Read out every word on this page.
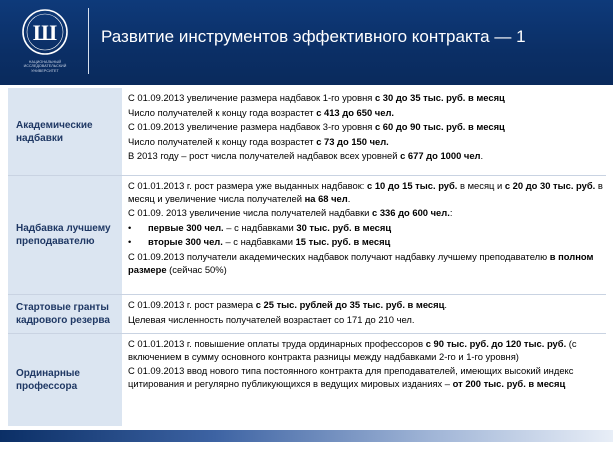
Ш
НАЦИОНАЛЬНЫЙ ИССЛЕДОВАТЕЛЬСКИЙ УНИВЕРСИТЕТ
Развитие инструментов эффективного контракта — 1
Академические надбавки

С 01.09.2013 увеличение размера надбавок 1-го уровня с 30 до 35 тыс. руб. в месяц

Число получателей к концу года возрастет с 413 до 650 чел.

С 01.09.2013 увеличение размера надбавок 3-го уровня с 60 до 90 тыс. руб. в месяц

Число получателей к концу года возрастет с 73 до 150 чел.

В 2013 году – рост числа получателей надбавок всех уровней с 677 до 1000 чел.

Надбавка лучшему преподавателю

С 01.01.2013 г. рост размера уже выданных надбавок: с 10 до 15 тыс. руб. в месяц и с 20 до 30 тыс. руб. в месяц и увеличение числа получателей на 68 чел.

С 01.09. 2013 увеличение числа получателей надбавки с 336 до 600 чел.:

•	первые 300 чел. – с надбавками 30 тыс. руб. в месяц
•	вторые 300 чел. – с надбавками 15 тыс. руб. в месяц

С 01.09.2013 получатели академических надбавок получают надбавку лучшему преподавателю в полном размере (сейчас 50%)

Стартовые гранты кадрового резерва

С 01.09.2013 г. рост размера с 25 тыс. рублей до 35 тыс. руб. в месяц.

Целевая численность получателей возрастает со 171 до 210 чел.

Ординарные профессора

С 01.01.2013 г. повышение оплаты труда ординарных профессоров с 90 тыс. руб. до 120 тыс. руб. (с включением в сумму основного контракта разницы между надбавками 2-го и 1-го уровня)

С 01.09.2013 ввод нового типа постоянного контракта для преподавателей, имеющих высокий индекс цитирования и регулярно публикующихся в ведущих мировых изданиях – от 200 тыс. руб. в месяц
